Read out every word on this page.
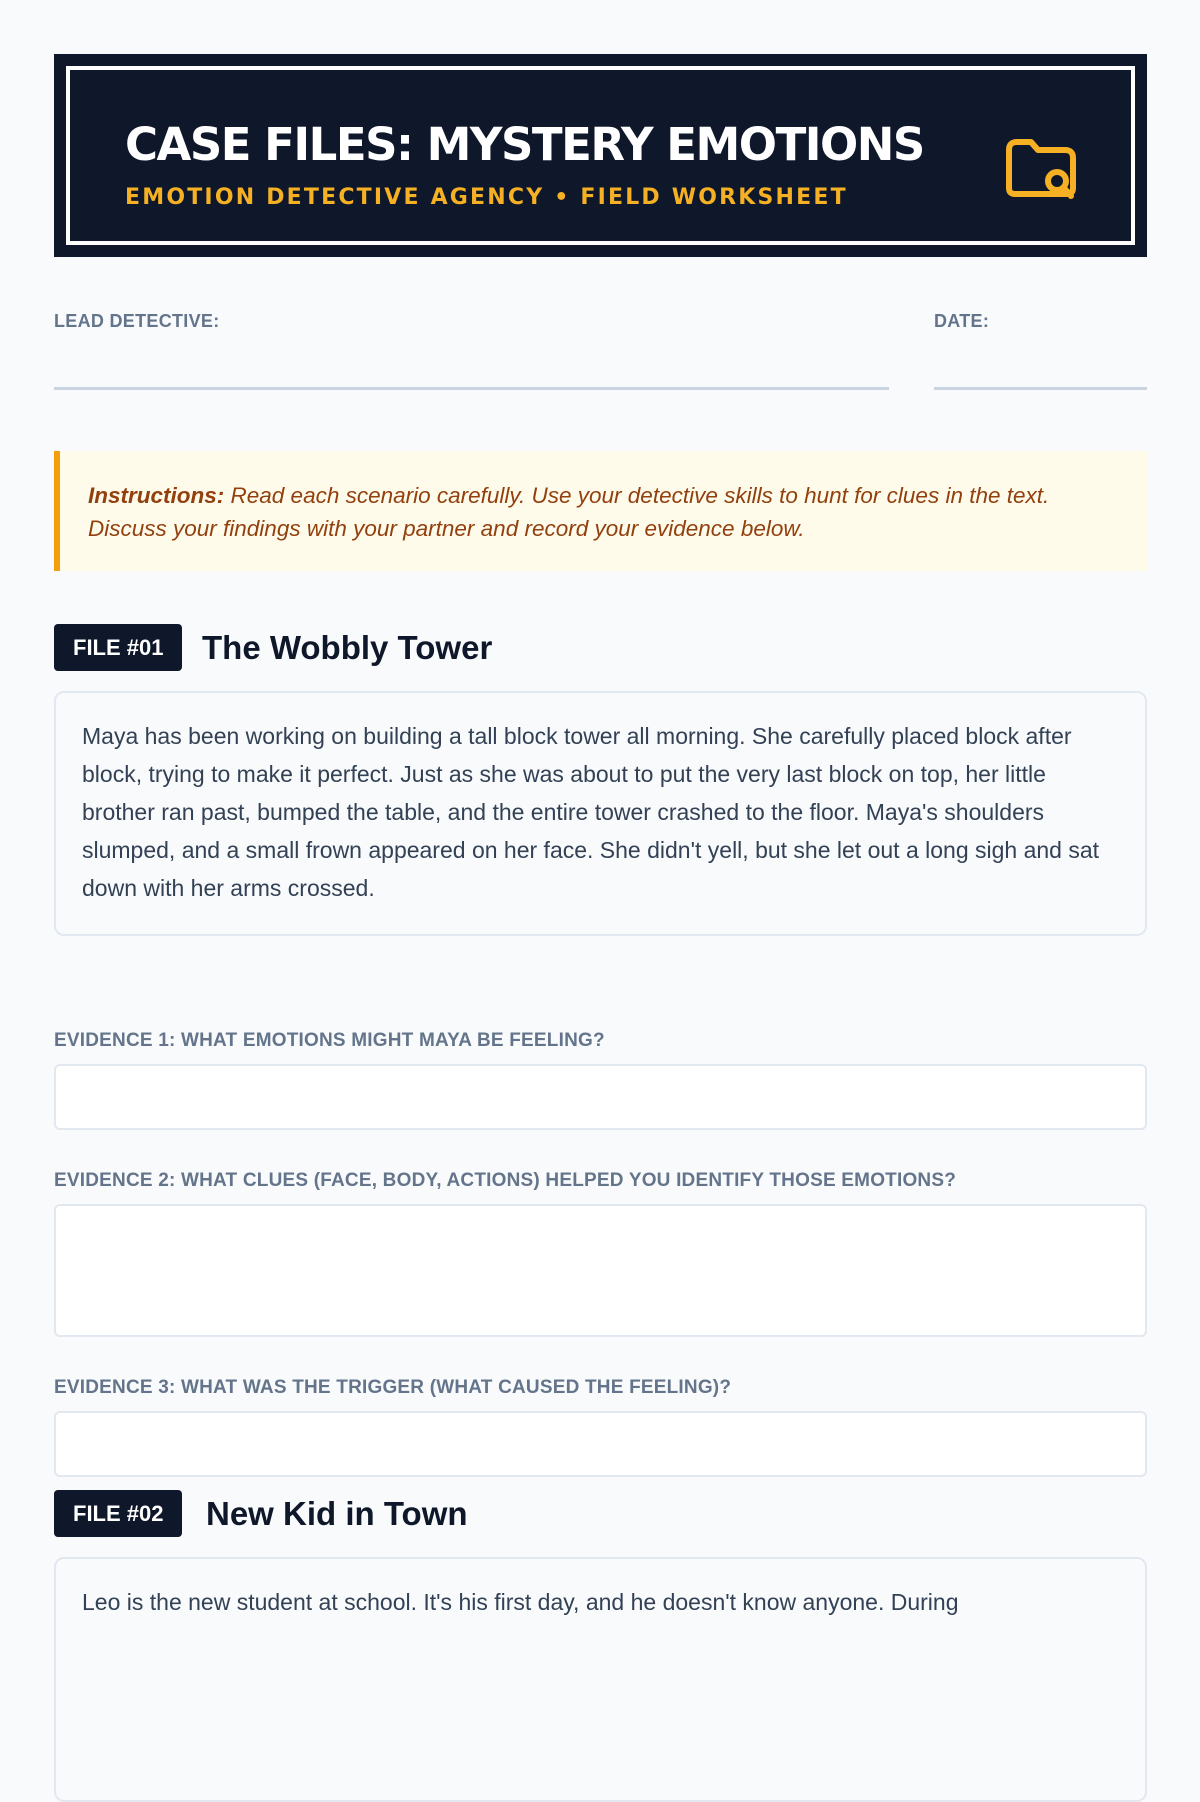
CASE FILES: MYSTERY EMOTIONS
EMOTION DETECTIVE AGENCY • FIELD WORKSHEET
LEAD DETECTIVE:	DATE:
Instructions: Read each scenario carefully. Use your detective skills to hunt for clues in the text. Discuss your findings with your partner and record your evidence below.
FILE #01	The Wobbly Tower
Maya has been working on building a tall block tower all morning. She carefully placed block after block, trying to make it perfect. Just as she was about to put the very last block on top, her little brother ran past, bumped the table, and the entire tower crashed to the floor. Maya's shoulders slumped, and a small frown appeared on her face. She didn't yell, but she let out a long sigh and sat down with her arms crossed.
EVIDENCE 1: WHAT EMOTIONS MIGHT MAYA BE FEELING?
EVIDENCE 2: WHAT CLUES (FACE, BODY, ACTIONS) HELPED YOU IDENTIFY THOSE EMOTIONS?
EVIDENCE 3: WHAT WAS THE TRIGGER (WHAT CAUSED THE FEELING)?
FILE #02	New Kid in Town
Leo is the new student at school. It's his first day, and he doesn't know anyone. During
